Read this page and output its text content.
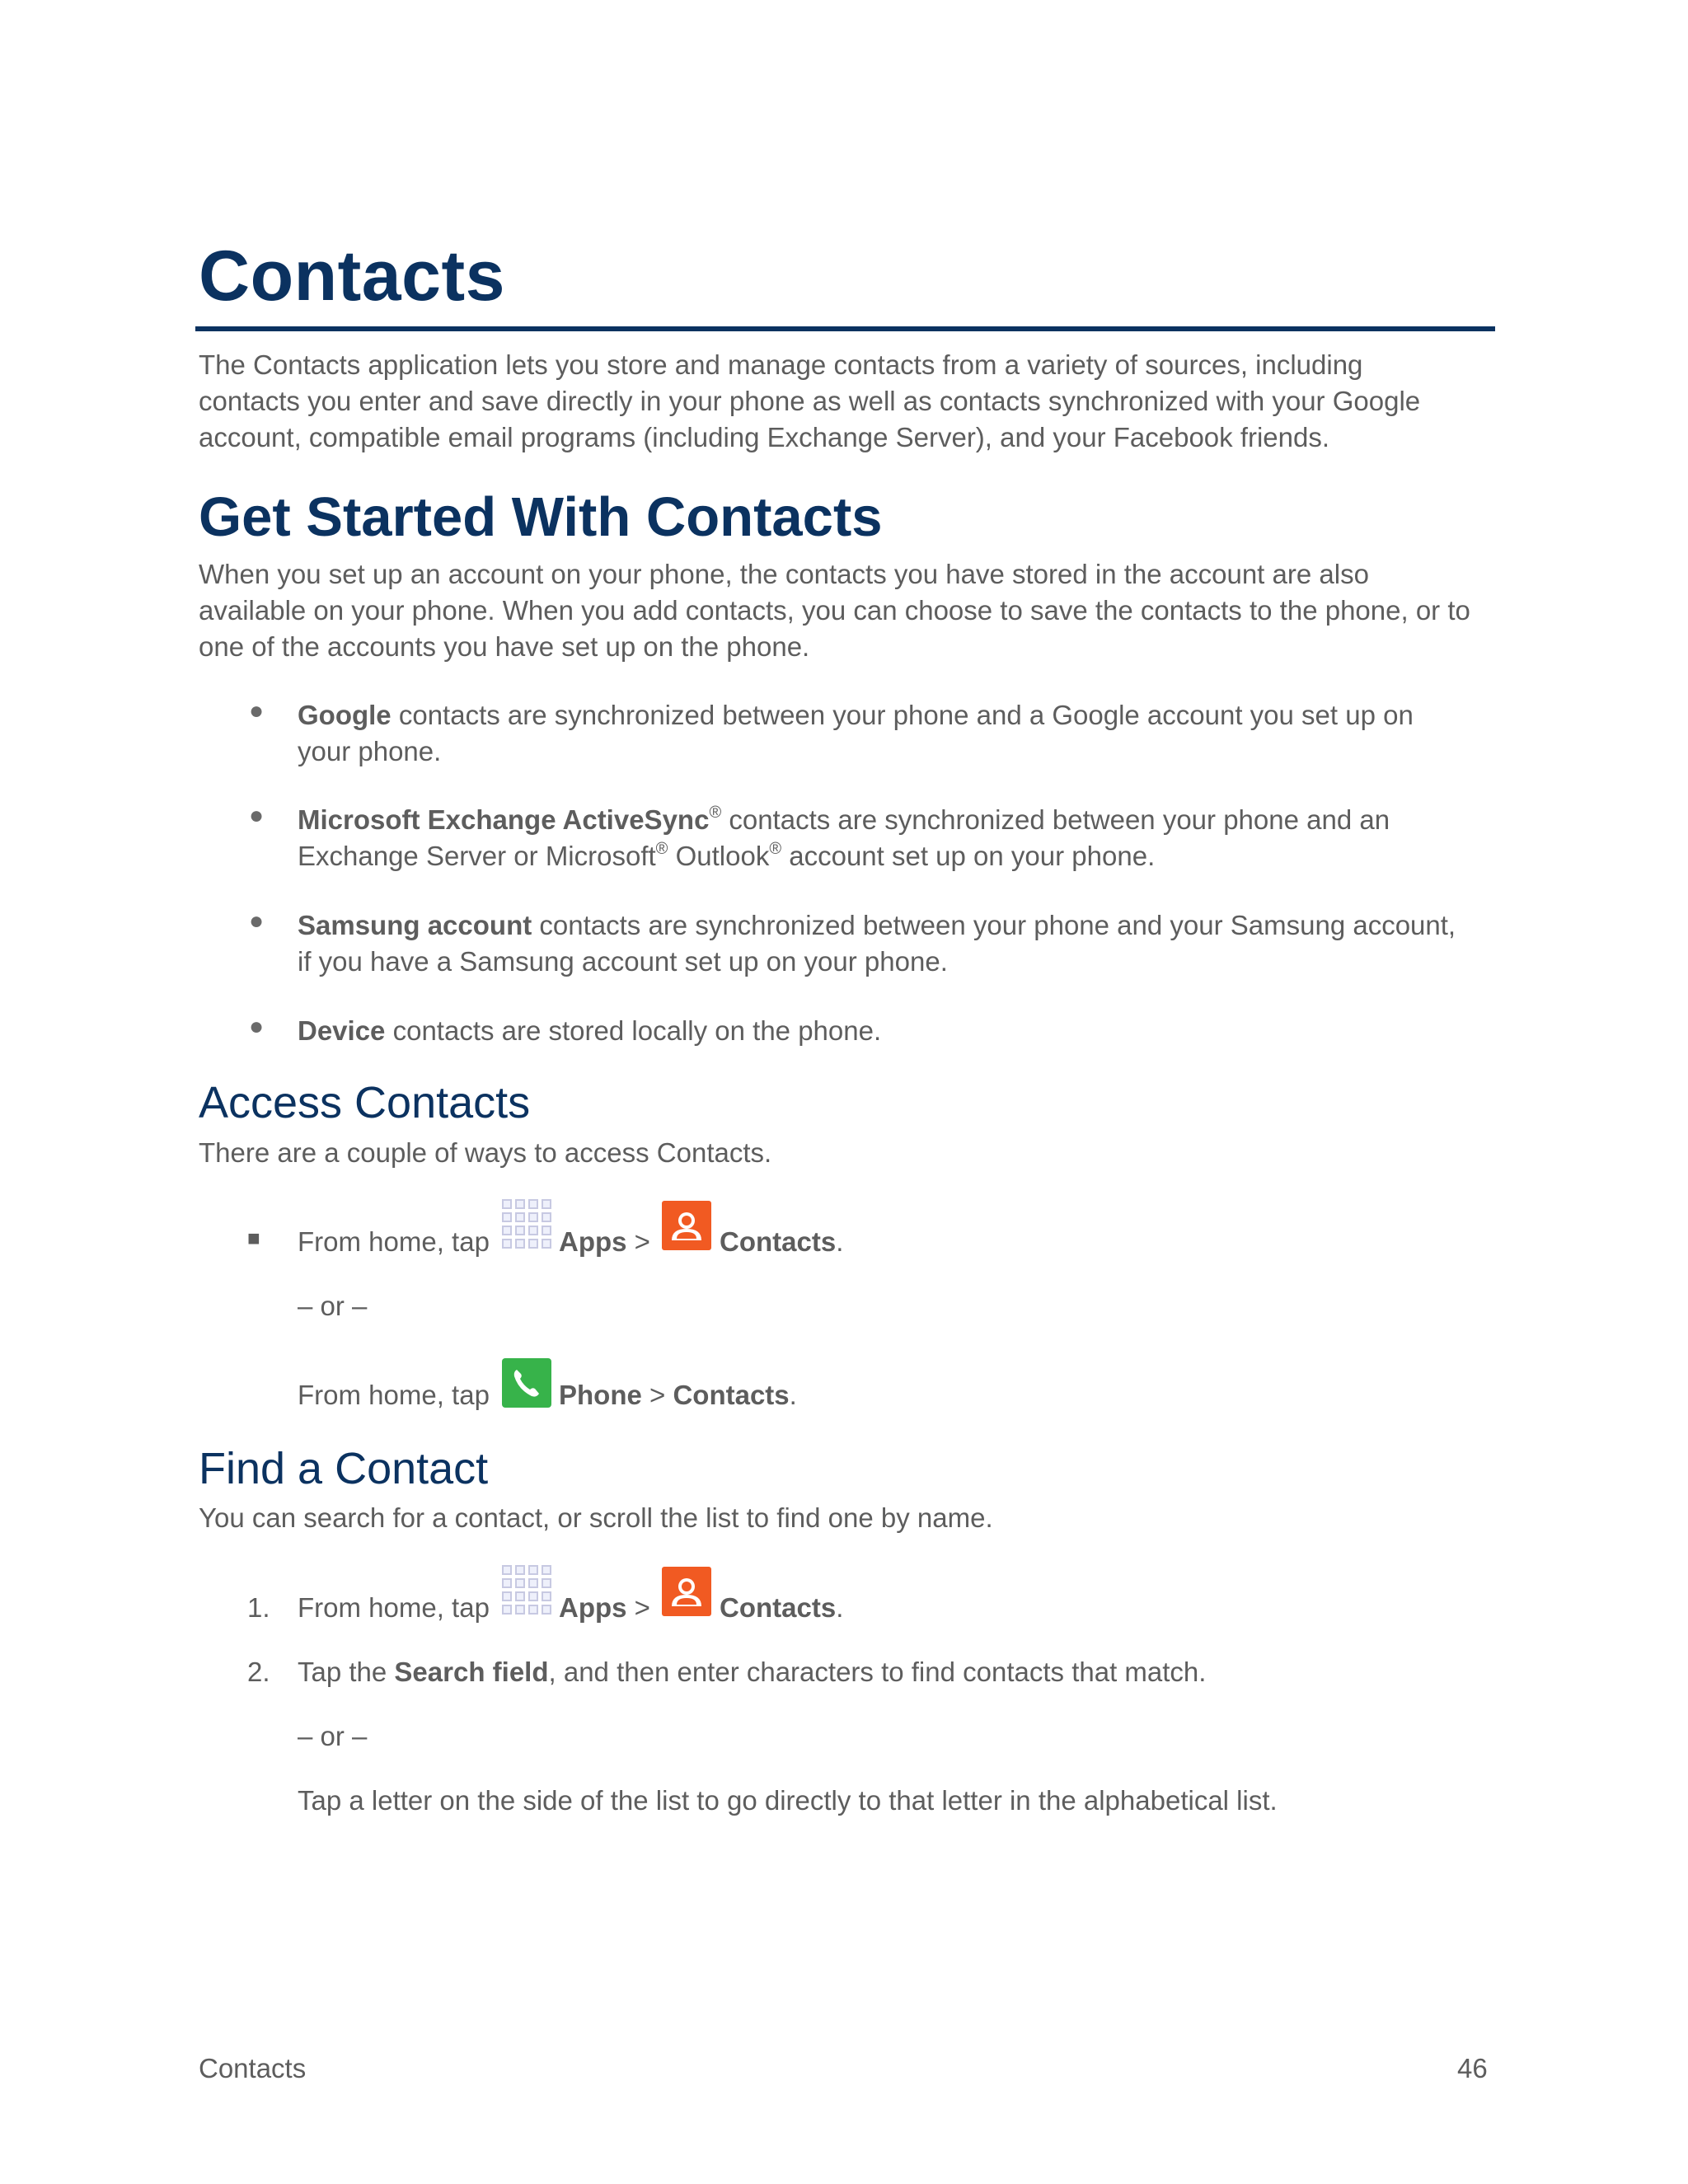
Contacts
The Contacts application lets you store and manage contacts from a variety of sources, including
contacts you enter and save directly in your phone as well as contacts synchronized with your Google
account, compatible email programs (including Exchange Server), and your Facebook friends.
Get Started With Contacts
When you set up an account on your phone, the contacts you have stored in the account are also
available on your phone. When you add contacts, you can choose to save the contacts to the phone, or to
one of the accounts you have set up on the phone.
● Google contacts are synchronized between your phone and a Google account you set up on
your phone.
● Microsoft Exchange ActiveSync® contacts are synchronized between your phone and an
Exchange Server or Microsoft® Outlook® account set up on your phone.
● Samsung account contacts are synchronized between your phone and your Samsung account,
if you have a Samsung account set up on your phone.
● Device contacts are stored locally on the phone.
Access Contacts
There are a couple of ways to access Contacts.
■ From home, tap	Apps >	Contacts.
– or –
From home, tap	Phone > Contacts.
Find a Contact
You can search for a contact, or scroll the list to find one by name.
1. From home, tap	Apps >	Contacts.
2. Tap the Search field, and then enter characters to find contacts that match.
– or –
Tap a letter on the side of the list to go directly to that letter in the alphabetical list.
Contacts	46
